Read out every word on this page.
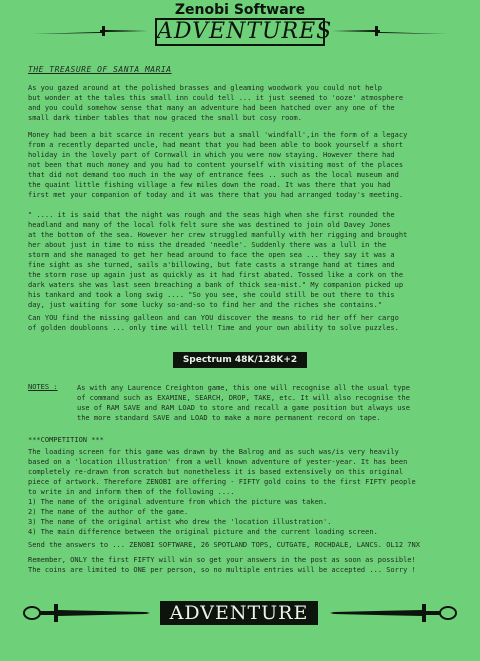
Zenobi Software
ADVENTURES
THE TREASURE OF SANTA MARIA

As you gazed around at the polished brasses and gleaming woodwork you could not help
but wonder at the tales this small inn could tell ... it just seemed to 'ooze' atmosphere
and you could somehow sense that many an adventure had been hatched over any one of the
small dark timber tables that now graced the small but cosy room.

Money had been a bit scarce in recent years but a small 'windfall',in the form of a legacy
from a recently departed uncle, had meant that you had been able to book yourself a short
holiday in the lovely part of Cornwall in which you were now staying. However there had
not been that much money and you had to content yourself with visiting most of the places
that did not demand too much in the way of entrance fees .. such as the local museum and
the quaint little fishing village a few miles down the road. It was there that you had
first met your companion of today and it was there that you had arranged today's meeting.

" .... it is said that the night was rough and the seas high when she first rounded the
headland and many of the local folk felt sure she was destined to join old Davey Jones
at the bottom of the sea. However her crew struggled manfully with her rigging and brought
her about just in time to miss the dreaded 'needle'. Suddenly there was a lull in the
storm and she managed to get her head around to face the open sea ... they say it was a
fine sight as she turned, sails a'billowing, but fate casts a strange hand at times and
the storm rose up again just as quickly as it had first abated. Tossed like a cork on the
dark waters she was last seen breaching a bank of thick sea-mist." My companion picked up
his tankard and took a long swig .... "So you see, she could still be out there to this
day, just waiting for some lucky so-and-so to find her and the riches she contains."

Can YOU find the missing galleon and can YOU discover the means to rid her off her cargo
of golden doubloons ... only time will tell! Time and your own ability to solve puzzles.

Spectrum 48K/128K+2
NOTES :	As with any Laurence Creighton game, this one will recognise all the usual type
of command such as EXAMINE, SEARCH, DROP, TAKE, etc. It will also recognise the
use of RAM SAVE and RAM LOAD to store and recall a game position but always use
the more standard SAVE and LOAD to make a more permanent record on tape.

***COMPETITION ***

The loading screen for this game was drawn by the Balrog and as such was/is very heavily
based on a 'location illustration' from a well known adventure of yester-year. It has been
completely re-drawn from scratch but nonetheless it is based extensively on this original
piece of artwork. Therefore ZENOBI are offering - FIFTY gold coins to the first FIFTY people
to write in and inform them of the following ....
1) The name of the original adventure from which the picture was taken.
2) The name of the author of the game.
3) The name of the original artist who drew the 'location illustration'.
4) The main difference between the original picture and the current loading screen.

Send the answers to ... ZENOBI SOFTWARE, 26 SPOTLAND TOPS, CUTGATE, ROCHDALE, LANCS. OL12 7NX

Remember, ONLY the first FIFTY will win so get your answers in the post as soon as possible!
The coins are limited to ONE per person, so no multiple entries will be accepted ... Sorry !

ADVENTURE
